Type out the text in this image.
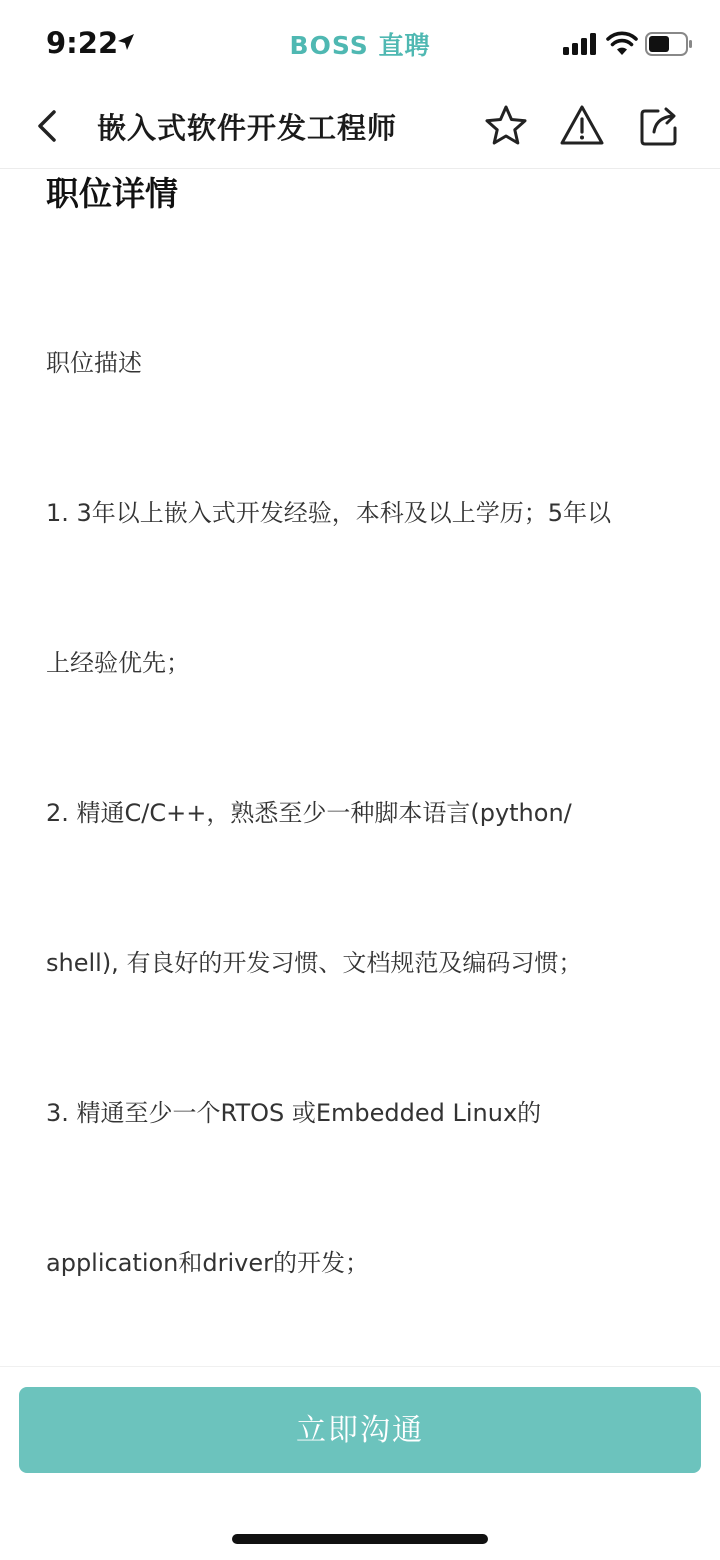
9:22	BOSS 直聘
嵌入式软件开发工程师
职位详情

职位描述

1. 3年以上嵌入式开发经验，本科及以上学历；5年以

上经验优先；

2. 精通C/C++，熟悉至少一种脚本语言(python/

shell), 有良好的开发习惯、文档规范及编码习惯；

3. 精通至少一个RTOS 或Embedded Linux的

application和driver的开发；

立即沟通
